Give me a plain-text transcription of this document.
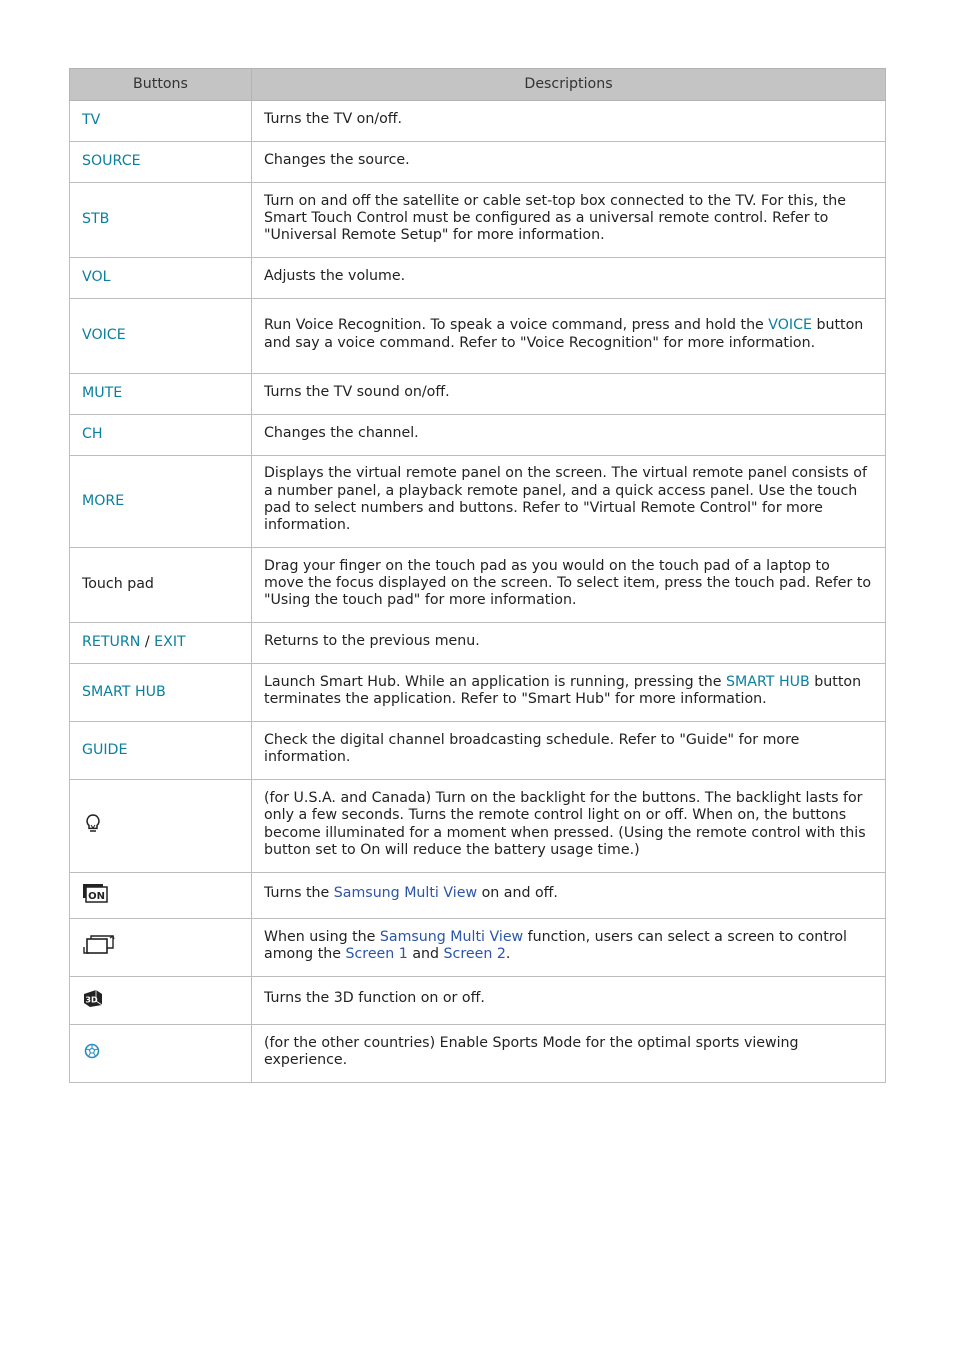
Buttons	Descriptions
TV	Turns the TV on/off.
SOURCE	Changes the source.
STB	Turn on and off the satellite or cable set-top box connected to the TV. For this, the Smart Touch Control must be configured as a universal remote control. Refer to "Universal Remote Setup" for more information.
VOL	Adjusts the volume.
VOICE	Run Voice Recognition. To speak a voice command, press and hold the VOICE button and say a voice command. Refer to "Voice Recognition" for more information.
MUTE	Turns the TV sound on/off.
CH	Changes the channel.
MORE	Displays the virtual remote panel on the screen. The virtual remote panel consists of a number panel, a playback remote panel, and a quick access panel. Use the touch pad to select numbers and buttons. Refer to "Virtual Remote Control" for more information.
Touch pad	Drag your finger on the touch pad as you would on the touch pad of a laptop to move the focus displayed on the screen. To select item, press the touch pad. Refer to "Using the touch pad" for more information.
RETURN / EXIT	Returns to the previous menu.
SMART HUB	Launch Smart Hub. While an application is running, pressing the SMART HUB button terminates the application. Refer to "Smart Hub" for more information.
GUIDE	Check the digital channel broadcasting schedule. Refer to "Guide" for more information.
	(for U.S.A. and Canada) Turn on the backlight for the buttons. The backlight lasts for only a few seconds. Turns the remote control light on or off. When on, the buttons become illuminated for a moment when pressed. (Using the remote control with this button set to On will reduce the battery usage time.)

ON	Turns the Samsung Multi View on and off.
	When using the Samsung Multi View function, users can select a screen to control among the Screen 1 and Screen 2.

3D	Turns the 3D function on or off.
	(for the other countries) Enable Sports Mode for the optimal sports viewing experience.
